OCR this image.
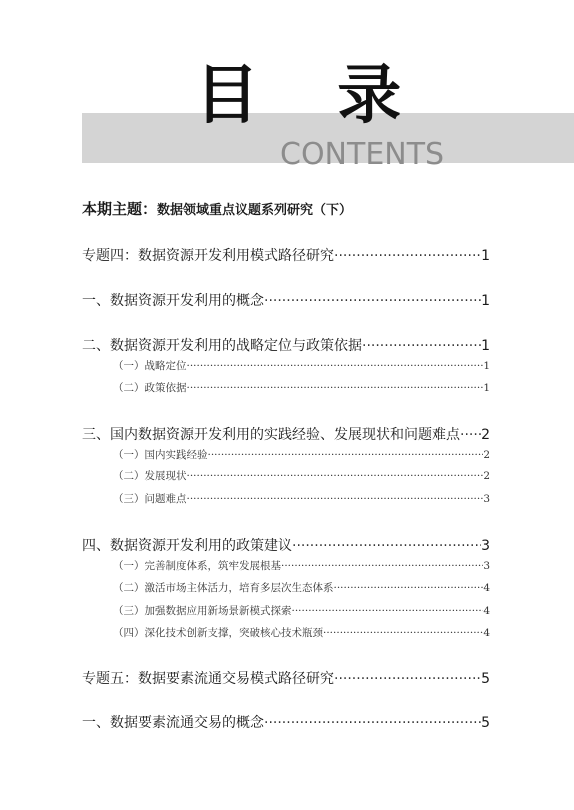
目 录
CONTENTS
本期主题：数据领域重点议题系列研究（下）
专题四：数据资源开发利用模式路径研究 ·····	1
一、数据资源开发利用的概念 ·····	1
二、数据资源开发利用的战略定位与政策依据 ·····	1
（一）战略定位 ·····	1
（二）政策依据 ·····	1
三、国内数据资源开发利用的实践经验、发展现状和问题难点 ····· 2
（一）国内实践经验 ·····	2
（二）发展现状 ·····	2
（三）问题难点 ·····	3
四、数据资源开发利用的政策建议 ·····	3
（一）完善制度体系，筑牢发展根基 ·····	3
（二）激活市场主体活力，培育多层次生态体系 ·····	4
（三）加强数据应用新场景新模式探索 ·····	4
（四）深化技术创新支撑，突破核心技术瓶颈 ·····	4
专题五：数据要素流通交易模式路径研究 ·····	5
一、数据要素流通交易的概念 ·····	5
